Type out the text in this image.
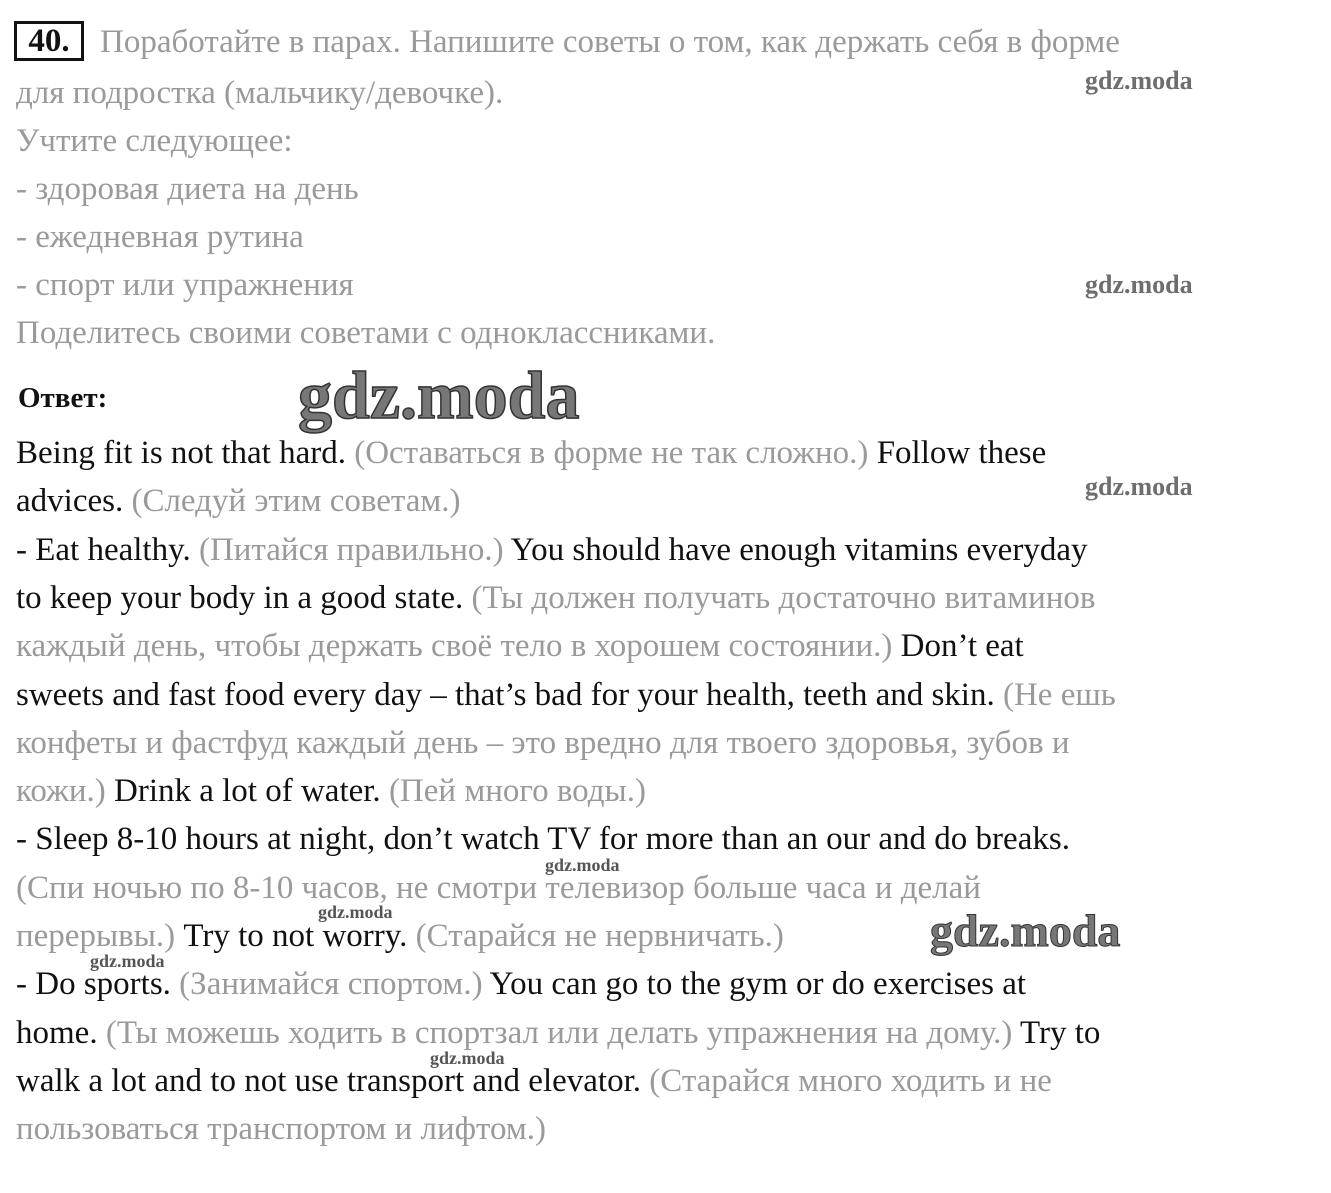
40. Поработайте в парах. Напишите советы о том, как держать себя в форме
для подростка (мальчику/девочке).
Учтите следующее:
- здоровая диета на день
- ежедневная рутина
- спорт или упражнения
Поделитесь своими советами с одноклассниками.
Ответ:
Being fit is not that hard. (Оставаться в форме не так сложно.) Follow these
advices. (Следуй этим советам.)
- Eat healthy. (Питайся правильно.) You should have enough vitamins everyday
to keep your body in a good state. (Ты должен получать достаточно витаминов
каждый день, чтобы держать своё тело в хорошем состоянии.) Don’t eat
sweets and fast food every day – that’s bad for your health, teeth and skin. (Не ешь
конфеты и фастфуд каждый день – это вредно для твоего здоровья, зубов и
кожи.) Drink a lot of water. (Пей много воды.)
- Sleep 8-10 hours at night, don’t watch TV for more than an our and do breaks.
(Спи ночью по 8-10 часов, не смотри телевизор больше часа и делай
перерывы.) Try to not worry. (Старайся не нервничать.)
- Do sports. (Занимайся спортом.) You can go to the gym or do exercises at
home. (Ты можешь ходить в спортзал или делать упражнения на дому.) Try to
walk a lot and to not use transport and elevator. (Старайся много ходить и не
пользоваться транспортом и лифтом.)
gdz.moda
gdz.moda
gdz.moda
gdz.moda
gdz.moda
gdz.moda
gdz.moda
gdz.moda
gdz.moda
